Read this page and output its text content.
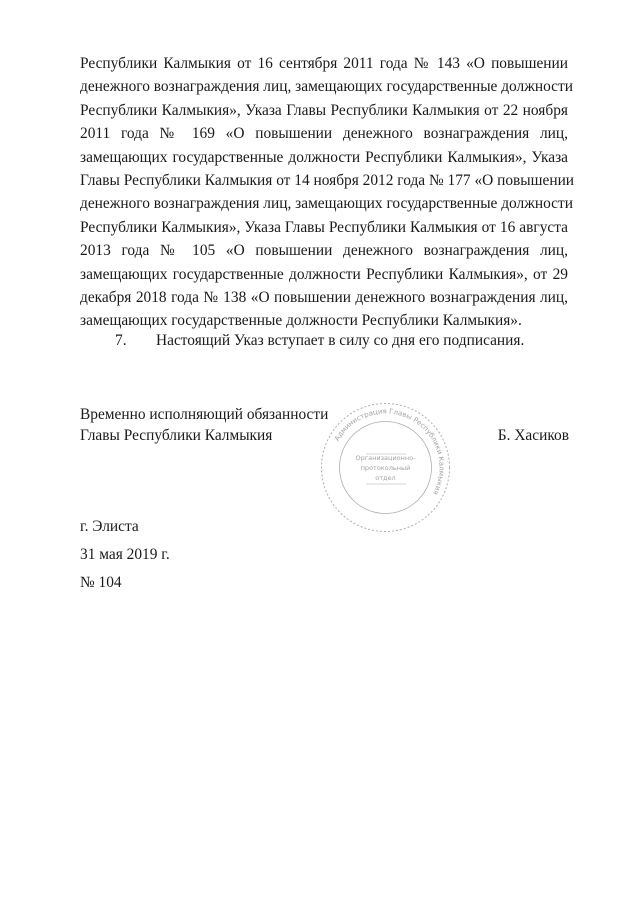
Республики Калмыкия от 16 сентября 2011 года № 143 «О повышении
денежного вознаграждения лиц, замещающих государственные должности
Республики Калмыкия», Указа Главы Республики Калмыкия от 22 ноября
2011 года № 169 «О повышении денежного вознаграждения лиц,
замещающих государственные должности Республики Калмыкия», Указа
Главы Республики Калмыкия от 14 ноября 2012 года № 177 «О повышении
денежного вознаграждения лиц, замещающих государственные должности
Республики Калмыкия», Указа Главы Республики Калмыкия от 16 августа
2013 года № 105 «О повышении денежного вознаграждения лиц,
замещающих государственные должности Республики Калмыкия», от 29
декабря 2018 года № 138 «О повышении денежного вознаграждения лиц,
замещающих государственные должности Республики Калмыкия».
7. Настоящий Указ вступает в силу со дня его подписания.
Временно исполняющий обязанности
Главы Республики Калмыкия	Б. Хасиков
Администрация Главы Республики Калмыкия
Организационно-
протокольный
отдел
г. Элиста
31 мая 2019 г.
№ 104
